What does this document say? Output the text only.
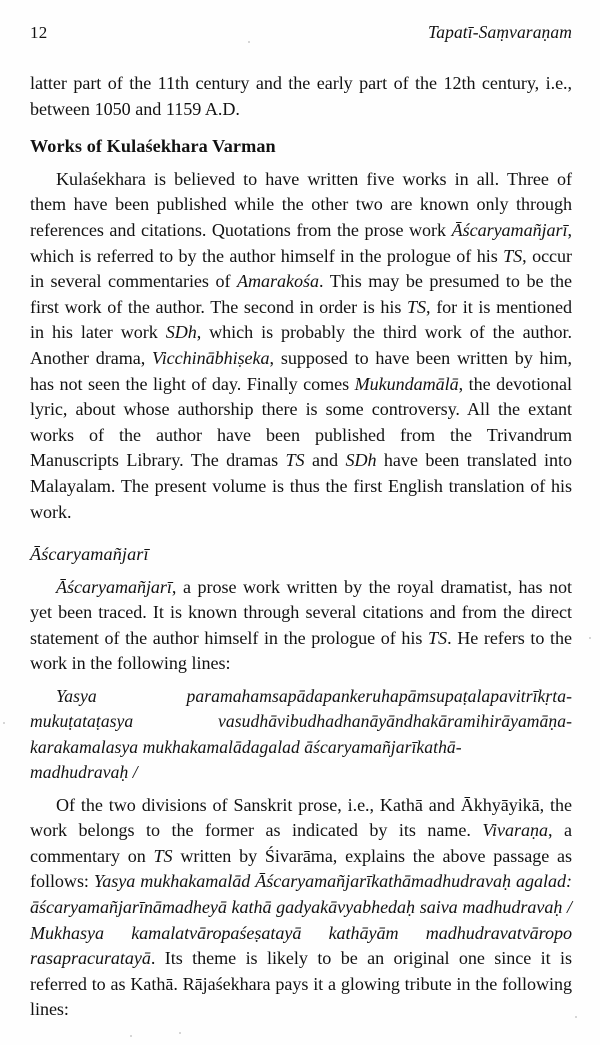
12	Tapatī-Saṃvaraṇam

latter part of the 11th century and the early part of the 12th century, i.e., between 1050 and 1159 A.D.

Works of Kulaśekhara Varman

Kulaśekhara is believed to have written five works in all. Three of them have been published while the other two are known only through references and citations. Quotations from the prose work Āścaryamañjarī, which is referred to by the author himself in the prologue of his TS, occur in several commentaries of Amarakośa. This may be presumed to be the first work of the author. The second in order is his TS, for it is mentioned in his later work SDh, which is probably the third work of the author. Another drama, Vicchinābhiṣeka, supposed to have been written by him, has not seen the light of day. Finally comes Mukundamālā, the devotional lyric, about whose authorship there is some controversy. All the extant works of the author have been published from the Trivandrum Manuscripts Library. The dramas TS and SDh have been translated into Malayalam. The present volume is thus the first English translation of his work.

Āścaryamañjarī

Āścaryamañjarī, a prose work written by the royal dramatist, has not yet been traced. It is known through several citations and from the direct statement of the author himself in the prologue of his TS. He refers to the work in the following lines:

Yasya paramahamsapādapankeruhapāmsupaṭalapavitrīkṛta-mukuṭataṭasya vasudhāvibudhadhanāyāndhakāramihirāyamāṇa-karakamalasya mukhakamalādagalad āścaryamañjarīkathā-

madhudravaḥ /

Of the two divisions of Sanskrit prose, i.e., Kathā and Ākhyāyikā, the work belongs to the former as indicated by its name. Vivaraṇa, a commentary on TS written by Śivarāma, explains the above passage as follows: Yasya mukhakamalād Āścaryamañjarīkathāmadhudravaḥ agalad: āścaryamañjarīnāmadheyā kathā gadyakāvyabhedaḥ saiva madhudravaḥ / Mukhasya kamalatvāropaśeṣatayā kathāyām madhudravatvāropo rasapracuratayā. Its theme is likely to be an original one since it is referred to as Kathā. Rājaśekhara pays it a glowing tribute in the following lines:
